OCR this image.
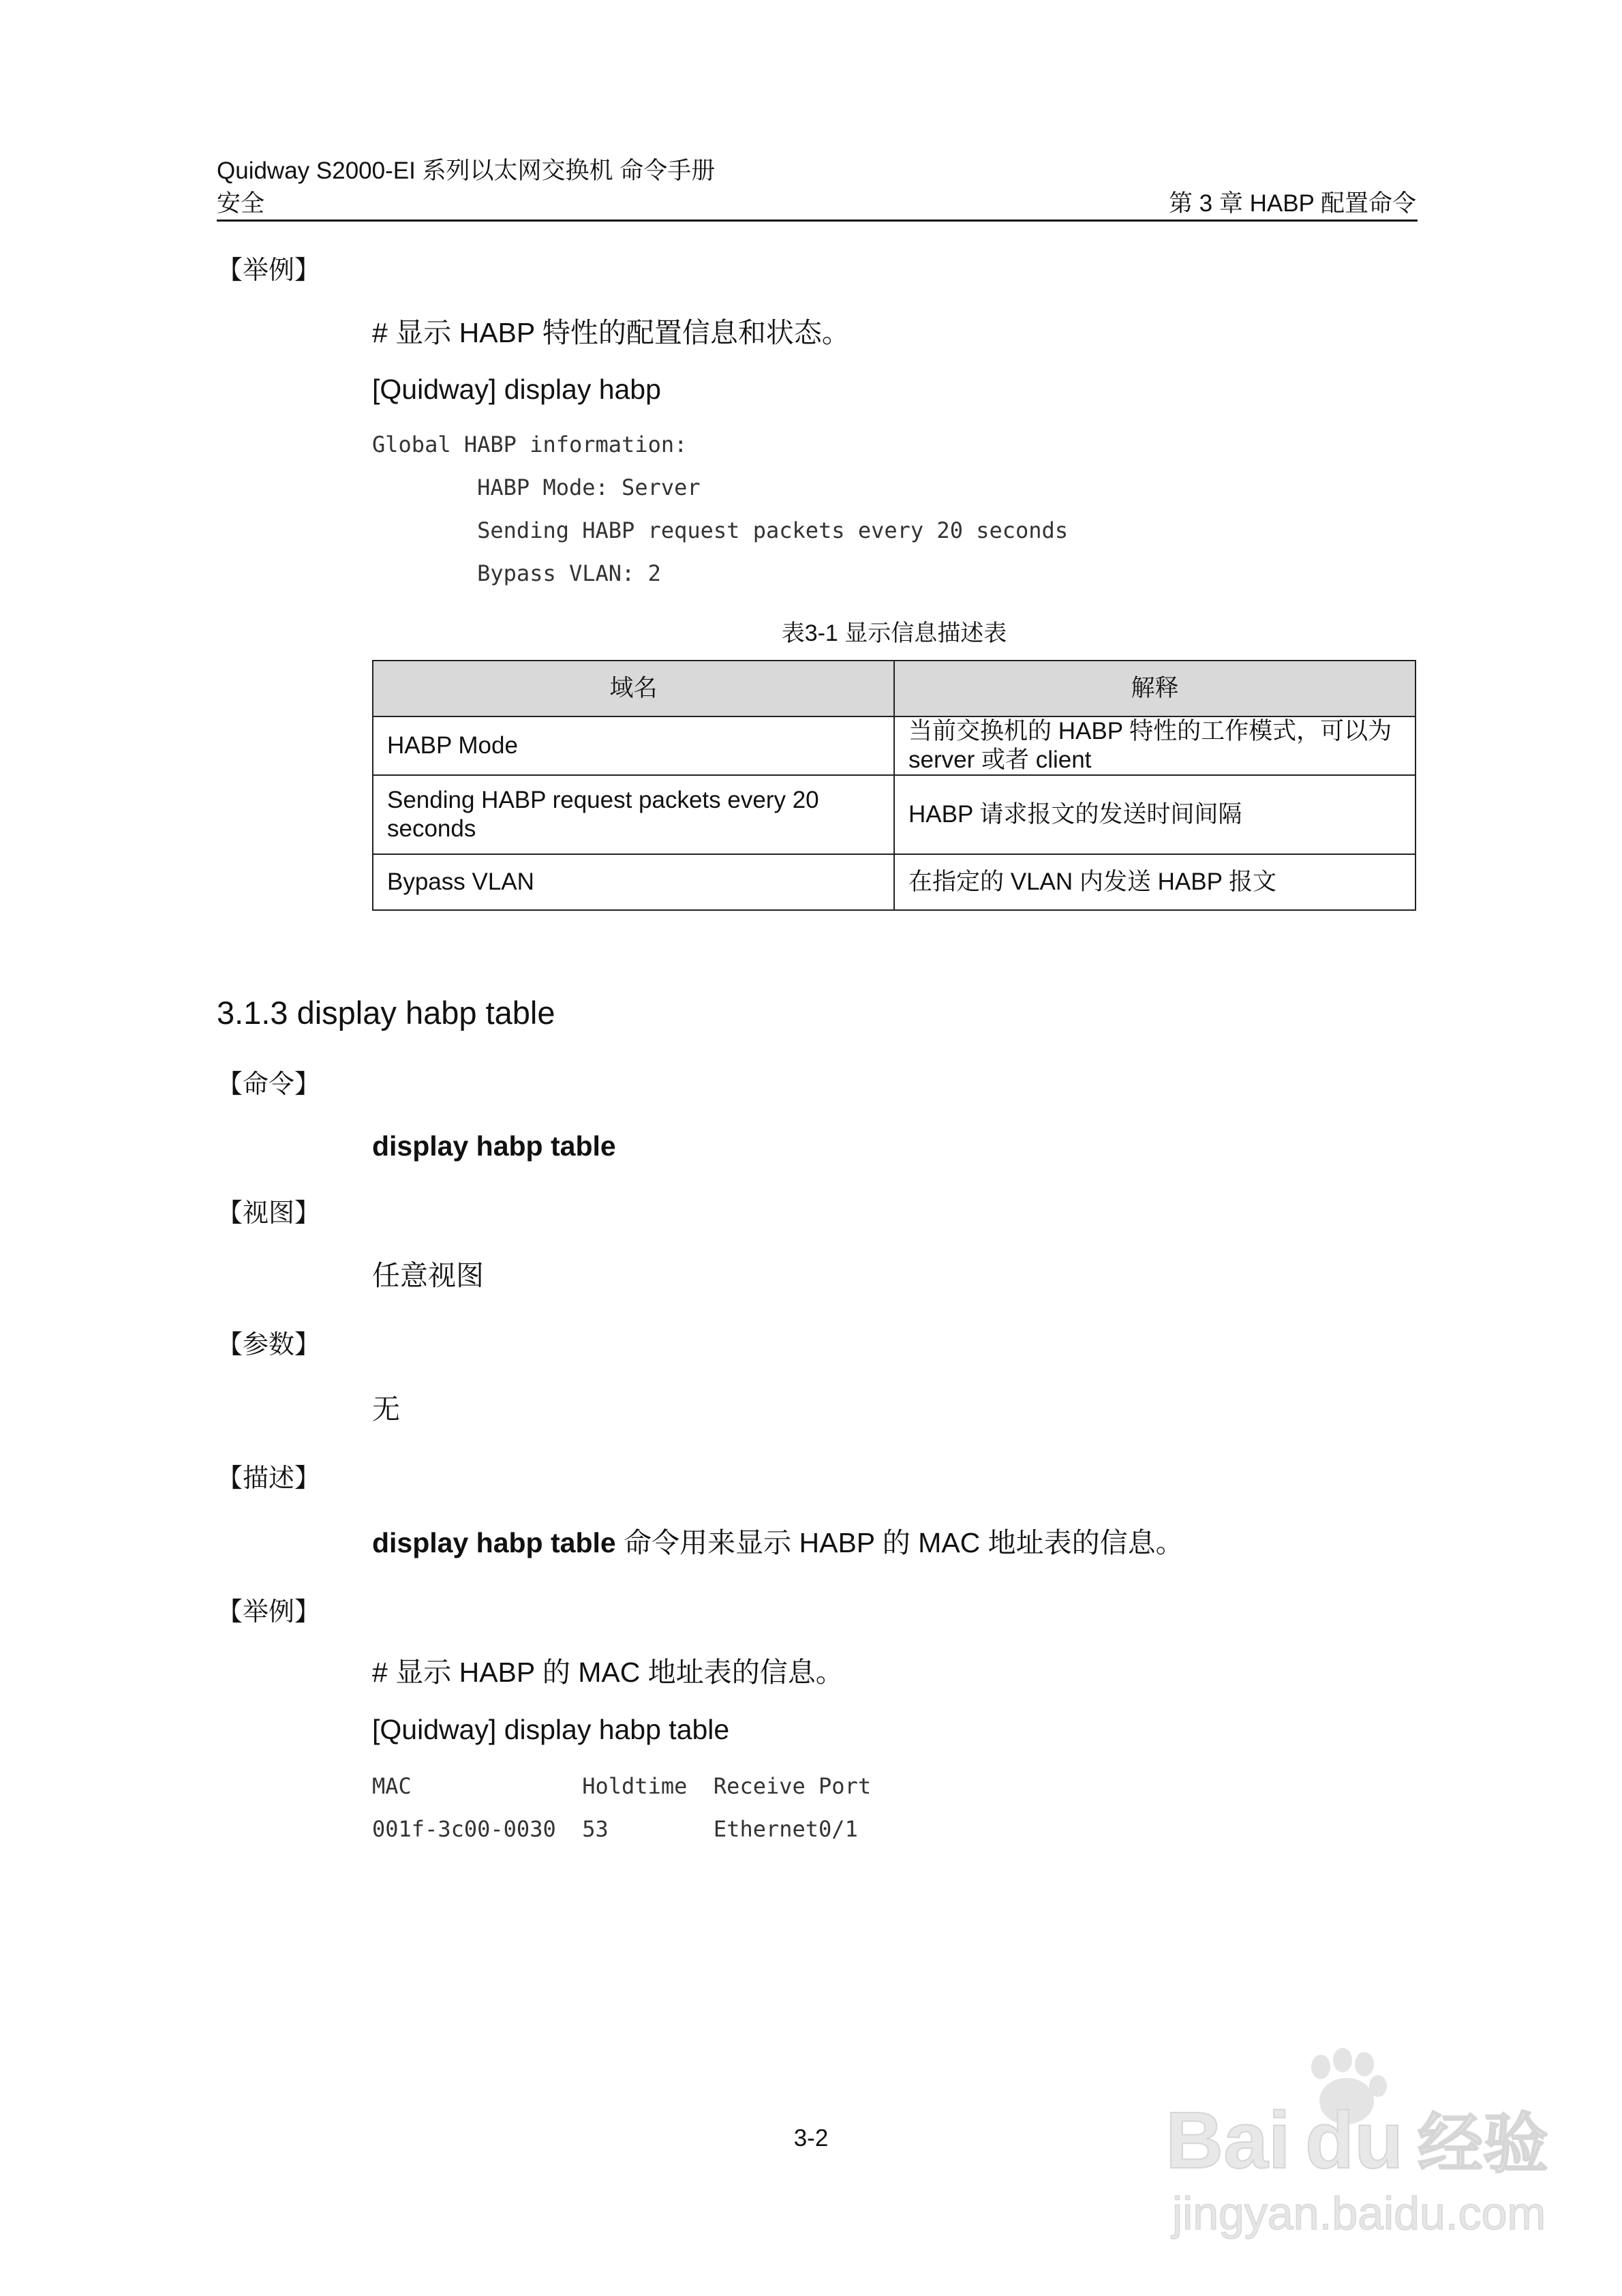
Quidway S2000-EI 系列以太网交换机 命令手册
安全	第 3 章 HABP 配置命令
【举例】
# 显示 HABP 特性的配置信息和状态。
[Quidway] display habp
Global HABP information:
HABP Mode: Server
Sending HABP request packets every 20 seconds
Bypass VLAN: 2
表3-1 显示信息描述表
域名	解释
HABP Mode	当前交换机的 HABP 特性的工作模式，可以为 server 或者 client
Sending HABP request packets every 20 seconds	HABP 请求报文的发送时间间隔
Bypass VLAN	在指定的 VLAN 内发送 HABP 报文
3.1.3 display habp table
【命令】
display habp table
【视图】
任意视图
【参数】
无
【描述】
display habp table 命令用来显示 HABP 的 MAC 地址表的信息。
【举例】
# 显示 HABP 的 MAC 地址表的信息。
[Quidway] display habp table
MAC             Holdtime  Receive Port
001f-3c00-0030  53        Ethernet0/1
3-2	Bai du 经验
jingyan.baidu.com
